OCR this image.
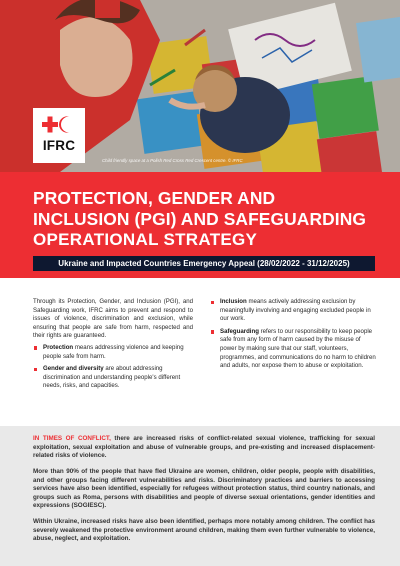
IFRC
Child friendly space at a Polish Red Cross Red Crescent centre. © IFRC
PROTECTION, GENDER AND INCLUSION (PGI) AND SAFEGUARDING
OPERATIONAL STRATEGY
Ukraine and Impacted Countries Emergency Appeal (28/02/2022 - 31/12/2025)

Through its Protection, Gender, and Inclusion (PGI), and Safeguarding work, IFRC aims to prevent and respond to issues of violence, discrimination and exclusion, while ensuring that people are safe from harm, respected and their rights are guaranteed.

Protection means addressing violence and keeping people safe from harm.
Gender and diversity are about addressing discrimination and understanding people's different needs, risks, and capacities.
Inclusion means actively addressing exclusion by meaningfully involving and engaging excluded people in our work.
Safeguarding refers to our responsibility to keep people safe from any form of harm caused by the misuse of power by making sure that our staff, volunteers, programmes, and communications do no harm to children and adults, nor expose them to abuse or exploitation.

IN TIMES OF CONFLICT, there are increased risks of conflict-related sexual violence, trafficking for sexual exploitation, sexual exploitation and abuse of vulnerable groups, and pre-existing and increased displacement-related risks of violence.

More than 90% of the people that have fled Ukraine are women, children, older people, people with disabilities, and other groups facing different vulnerabilities and risks. Discriminatory practices and barriers to accessing services have also been identified, especially for refugees without protection status, third country nationals, and groups such as Roma, persons with disabilities and people of diverse sexual orientations, gender identities and expressions (SOGIESC).

Within Ukraine, increased risks have also been identified, perhaps more notably among children. The conflict has severely weakened the protective environment around children, making them even further vulnerable to violence, abuse, neglect, and exploitation.
